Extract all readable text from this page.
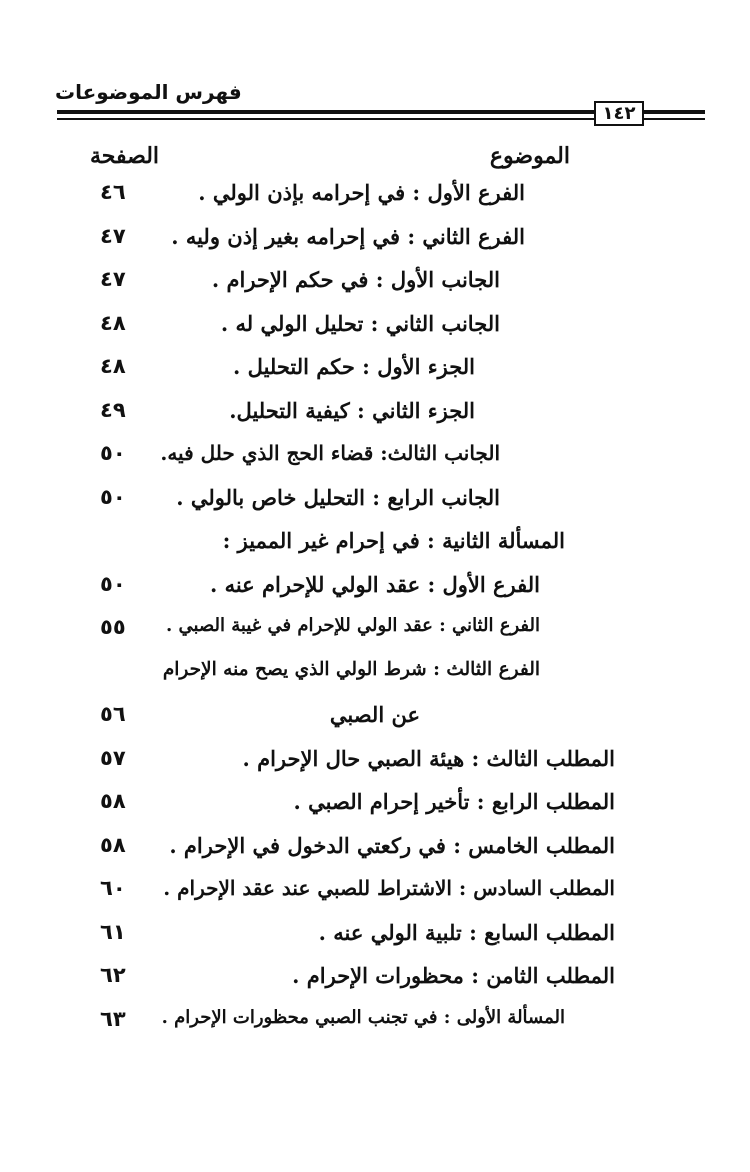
فهرس الموضوعات
١٤٢
الموضوع
الصفحة
الفرع الأول : في إحرامه بإذن الولي .
٤٦
الفرع الثاني : في إحرامه بغير إذن وليه .
٤٧
الجانب الأول : في حكم الإحرام .
٤٧
الجانب الثاني : تحليل الولي له .
٤٨
الجزء الأول : حكم التحليل .
٤٨
الجزء الثاني : كيفية التحليل.
٤٩
الجانب الثالث: قضاء الحج الذي حلل فيه.
٥٠
الجانب الرابع : التحليل خاص بالولي .
٥٠
المسألة الثانية : في إحرام غير المميز :
الفرع الأول : عقد الولي للإحرام عنه .
٥٠
الفرع الثاني : عقد الولي للإحرام في غيبة الصبي .
٥٥
الفرع الثالث : شرط الولي الذي يصح منه الإحرام
عن الصبي
٥٦
المطلب الثالث : هيئة الصبي حال الإحرام .
٥٧
المطلب الرابع : تأخير إحرام الصبي .
٥٨
المطلب الخامس : في ركعتي الدخول في الإحرام .
٥٨
المطلب السادس : الاشتراط للصبي عند عقد الإحرام .
٦٠
المطلب السابع : تلبية الولي عنه .
٦١
المطلب الثامن : محظورات الإحرام .
٦٢
المسألة الأولى : في تجنب الصبي محظورات الإحرام .
٦٣
